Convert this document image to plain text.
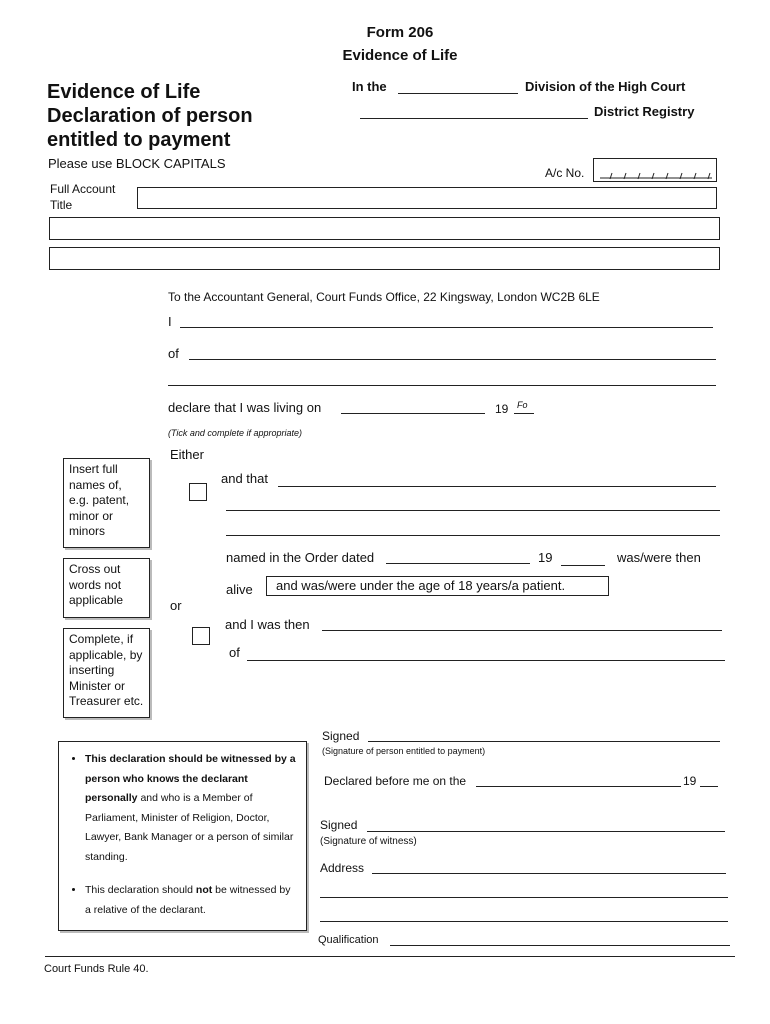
Form 206
Evidence of Life
In the	Division of the High Court
District Registry
Evidence of Life
Declaration of person
entitled to payment
Please use BLOCK CAPITALS
A/c No.
Full Account
Title
To the Accountant General, Court Funds Office, 22 Kingsway, London WC2B 6LE
I
of
declare that I was living on	19 Fo
(Tick and complete if appropriate)
Either
and that
named in the Order dated	19	was/were then
alive	and was/were under the age of 18 years/a patient.
or
and I was then
of
Insert full names of, e.g. patent, minor or minors
Cross out words not applicable
Complete, if applicable, by inserting Minister or Treasurer etc.
• This declaration should be witnessed by a person who knows the declarant personally and who is a Member of Parliament, Minister of Religion, Doctor, Lawyer, Bank Manager or a person of similar standing.
• This declaration should not be witnessed by a relative of the declarant.
Signed
(Signature of person entitled to payment)
Declared before me on the	19
Signed
(Signature of witness)
Address
Qualification
Court Funds Rule 40.
